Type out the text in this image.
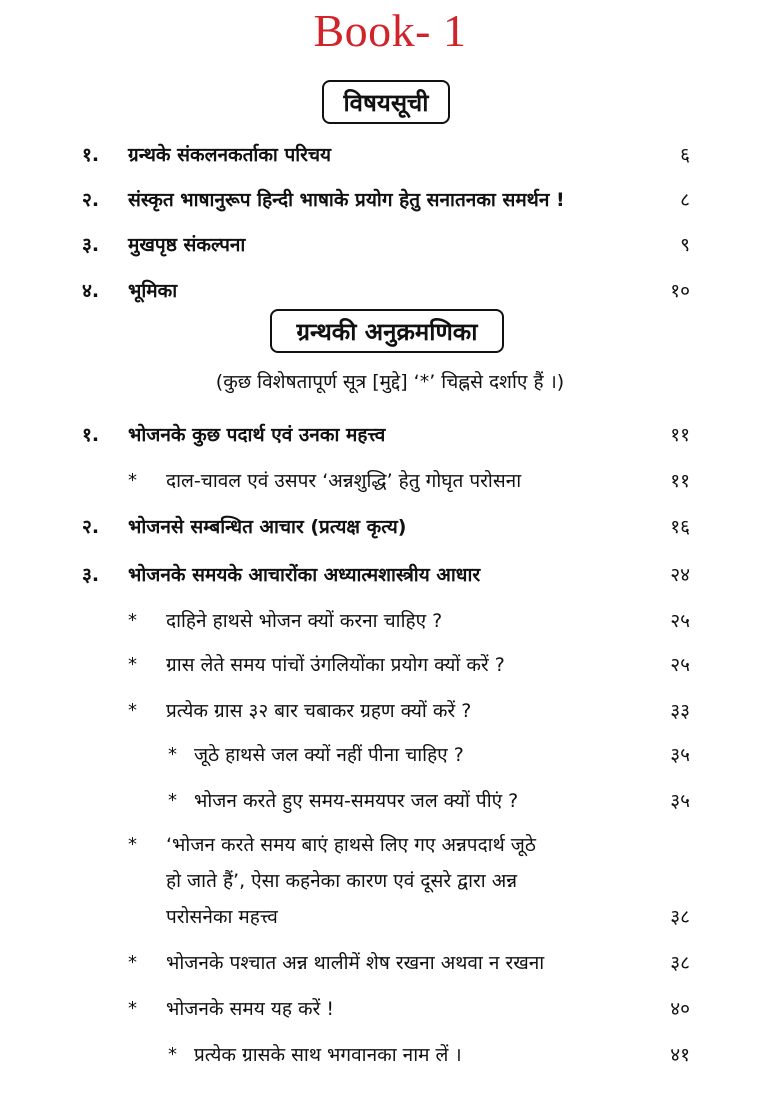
Book- 1
विषयसूची
१. ग्रन्थके संकलनकर्ताका परिचय	६
२. संस्कृत भाषानुरूप हिन्दी भाषाके प्रयोग हेतु सनातनका समर्थन !	८
३. मुखपृष्ठ संकल्पना	९
४. भूमिका	१०
ग्रन्थकी अनुक्रमणिका
(कुछ विशेषतापूर्ण सूत्र [मुद्दे] ‘*’ चिह्नसे दर्शाए हैं ।)
१. भोजनके कुछ पदार्थ एवं उनका महत्त्व	११
* दाल-चावल एवं उसपर ‘अन्नशुद्धि’ हेतु गोघृत परोसना	११
२. भोजनसे सम्बन्धित आचार (प्रत्यक्ष कृत्य)	१६
३. भोजनके समयके आचारोंका अध्यात्मशास्त्रीय आधार	२४
* दाहिने हाथसे भोजन क्यों करना चाहिए ?	२५
* ग्रास लेते समय पांचों उंगलियोंका प्रयोग क्यों करें ?	२५
* प्रत्येक ग्रास ३२ बार चबाकर ग्रहण क्यों करें ?	३३
* जूठे हाथसे जल क्यों नहीं पीना चाहिए ?	३५
* भोजन करते हुए समय-समयपर जल क्यों पीएं ?	३५
* ‘भोजन करते समय बाएं हाथसे लिए गए अन्नपदार्थ जूठे
हो जाते हैं’, ऐसा कहनेका कारण एवं दूसरे द्वारा अन्न
परोसनेका महत्त्व	३८
* भोजनके पश्चात अन्न थालीमें शेष रखना अथवा न रखना	३८
* भोजनके समय यह करें !	४०
* प्रत्येक ग्रासके साथ भगवानका नाम लें ।	४१
